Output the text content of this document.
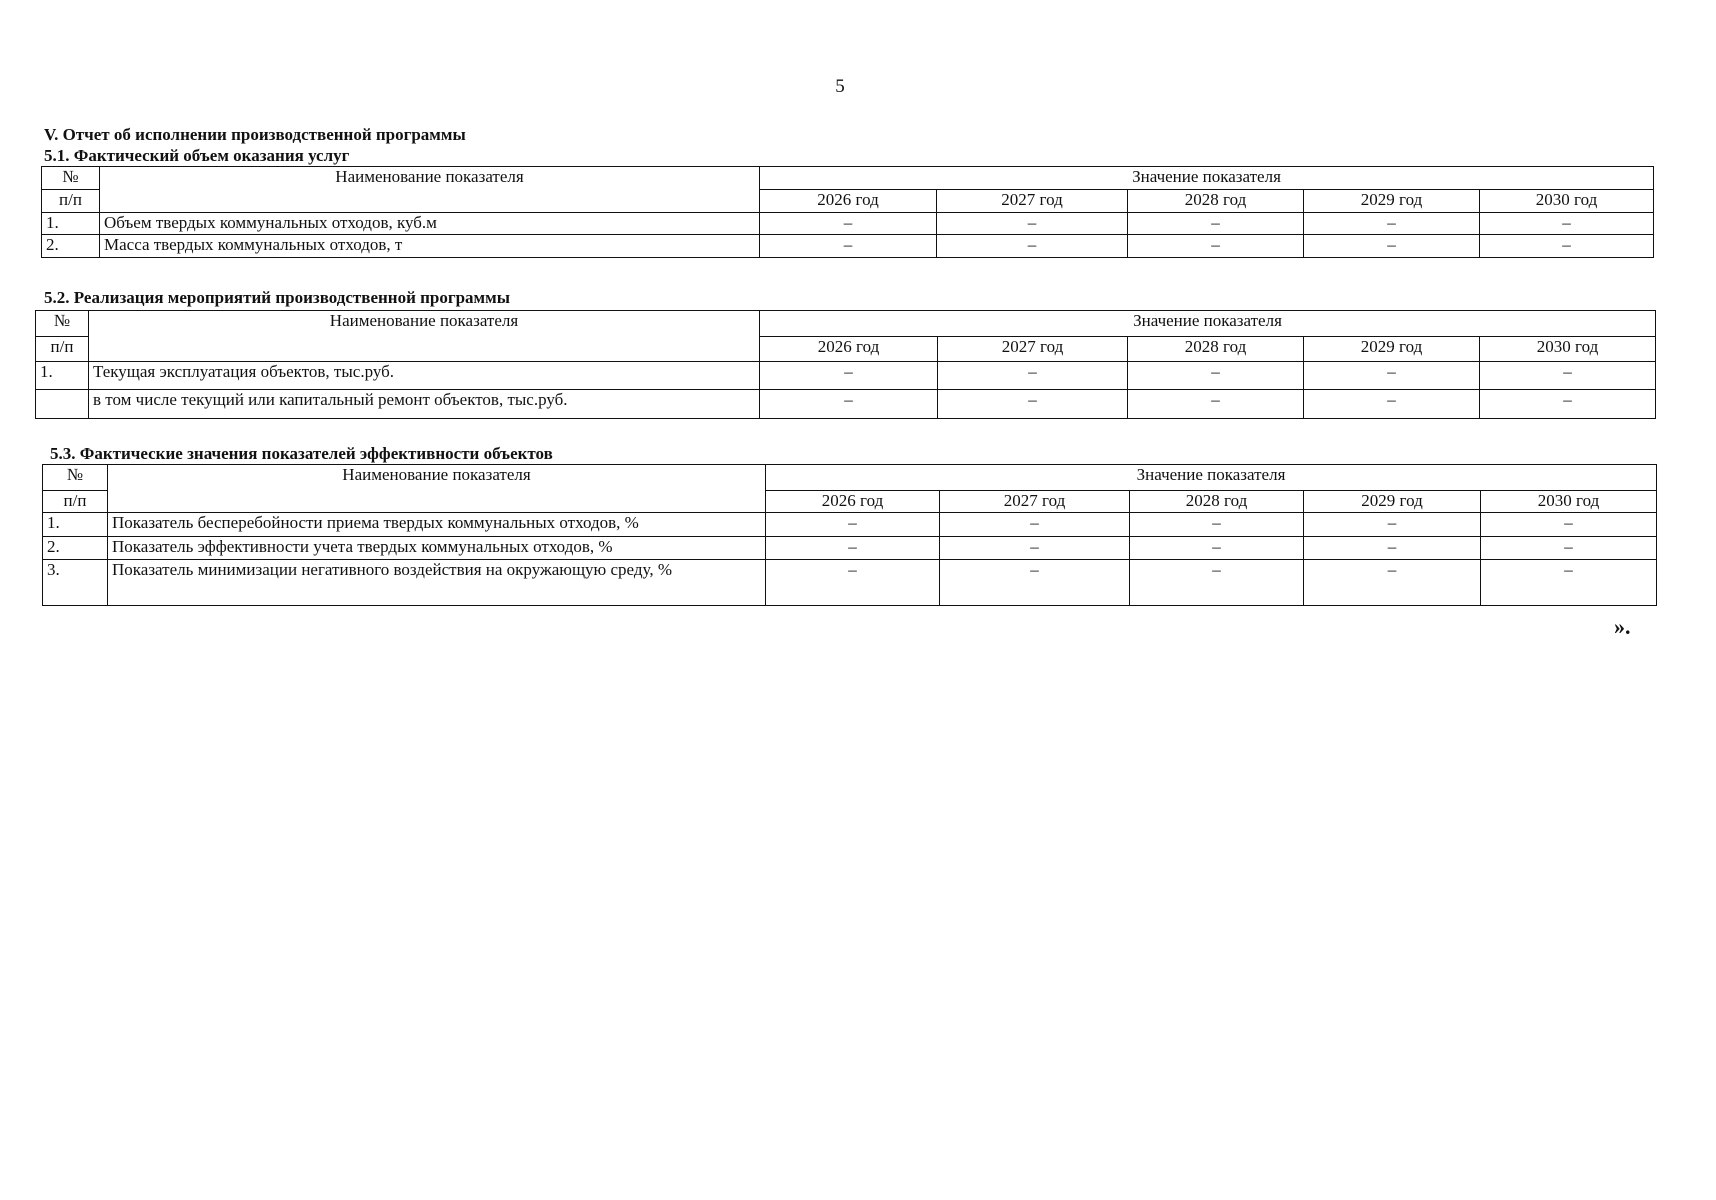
5
V. Отчет об исполнении производственной программы
5.1. Фактический объем оказания услуг
№	Наименование показателя	Значение показателя				
п/п		2026 год	2027 год	2028 год	2029 год	2030 год
1.	Объем твердых коммунальных отходов, куб.м	–	–	–	–	–
2.	Масса твердых коммунальных отходов, т	–	–	–	–	–
5.2. Реализация мероприятий производственной программы
№	Наименование показателя	Значение показателя				
п/п		2026 год	2027 год	2028 год	2029 год	2030 год
1.	Текущая эксплуатация объектов, тыс.руб.	–	–	–	–	–
	в том числе текущий или капитальный ремонт объектов, тыс.руб.	–	–	–	–	–
5.3. Фактические значения показателей эффективности объектов
№	Наименование показателя	Значение показателя				
п/п		2026 год	2027 год	2028 год	2029 год	2030 год
1.	Показатель бесперебойности приема твердых коммунальных отходов, %	–	–	–	–	–
2.	Показатель эффективности учета твердых коммунальных отходов, %	–	–	–	–	–
3.	Показатель минимизации негативного воздействия на окружающую среду, %	–	–	–	–	–
».
